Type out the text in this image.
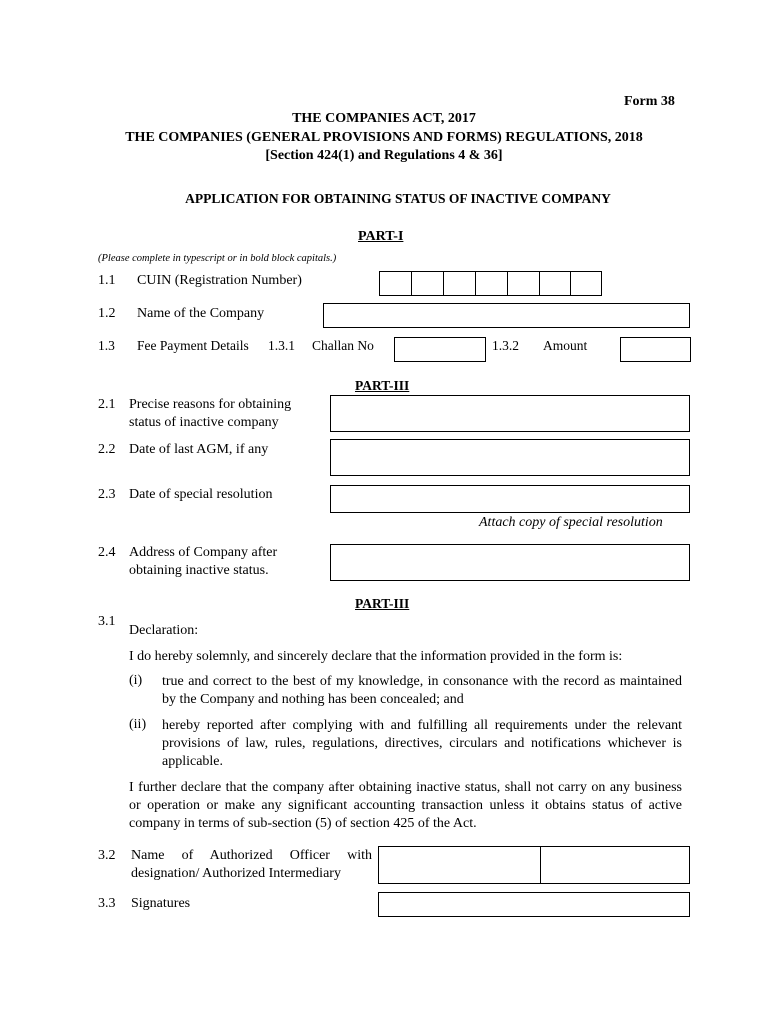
Form 38
THE COMPANIES ACT, 2017
THE COMPANIES (GENERAL PROVISIONS AND FORMS) REGULATIONS, 2018
[Section 424(1) and Regulations 4 & 36]
APPLICATION FOR OBTAINING STATUS OF INACTIVE COMPANY
PART-I
(Please complete in typescript or in bold block capitals.)
1.1 CUIN (Registration Number)
1.2 Name of the Company
1.3 Fee Payment Details 1.3.1 Challan No	1.3.2 Amount
PART-III
2.1 Precise reasons for obtaining
status of inactive company
2.2 Date of last AGM, if any
2.3 Date of special resolution
Attach copy of special resolution
2.4 Address of Company after
obtaining inactive status.
PART-III
3.1
Declaration:
I do hereby solemnly, and sincerely declare that the information provided in the form is:
(i) true and correct to the best of my knowledge, in consonance with the record as maintained by the Company and nothing has been concealed; and
(ii) hereby reported after complying with and fulfilling all requirements under the relevant provisions of law, rules, regulations, directives, circulars and notifications whichever is applicable.
I further declare that the company after obtaining inactive status, shall not carry on any business or operation or make any significant accounting transaction unless it obtains status of active company in terms of sub-section (5) of section 425 of the Act.
3.2 Name of Authorized Officer with
designation/ Authorized Intermediary
3.3 Signatures
